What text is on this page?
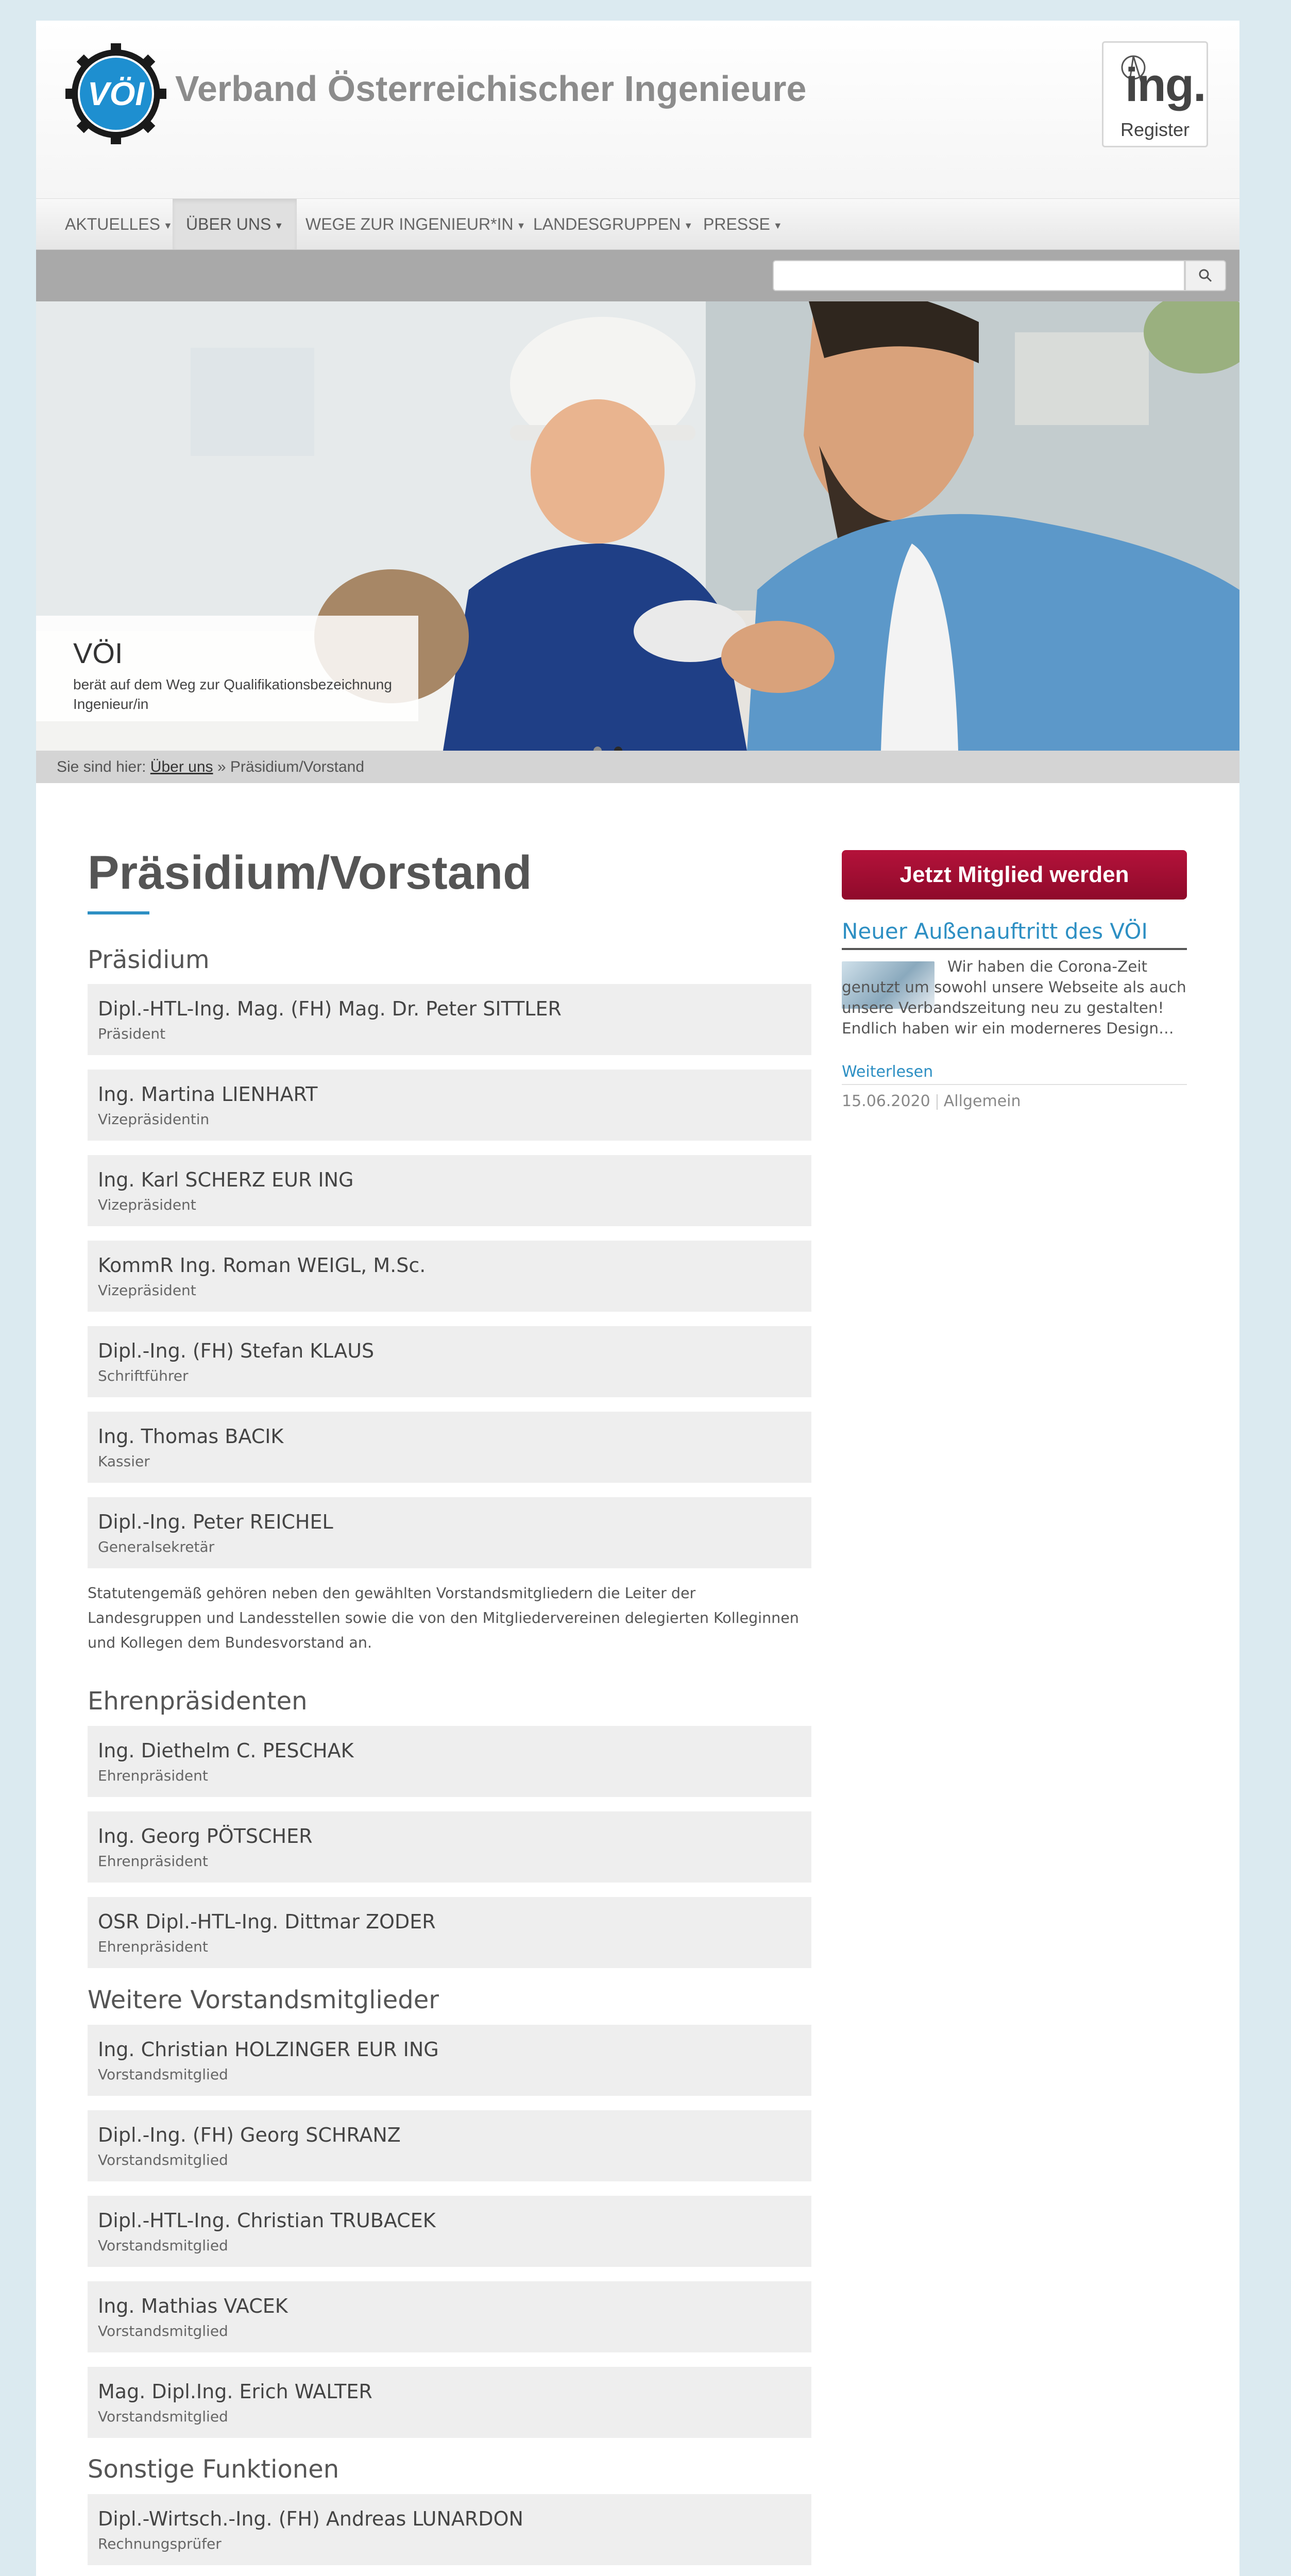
VÖI Verband Österreichischer Ingenieure	ing.
Register
AKTUELLES ▼ ÜBER UNS ▼	WEGE ZUR INGENIEUR*IN ▼ LANDESGRUPPEN ▼ PRESSE ▼
VÖI
berät auf dem Weg zur Qualifikationsbezeichnung Ingenieur/in
Sie sind hier: Über uns » Präsidium/Vorstand
Präsidium/Vorstand
Präsidium
Dipl.-HTL-Ing. Mag. (FH) Mag. Dr. Peter SITTLER
Präsident
Ing. Martina LIENHART
Vizepräsidentin
Ing. Karl SCHERZ EUR ING
Vizepräsident
KommR Ing. Roman WEIGL, M.Sc.
Vizepräsident
Dipl.-Ing. (FH) Stefan KLAUS
Schriftführer
Ing. Thomas BACIK
Kassier
Dipl.-Ing. Peter REICHEL
Generalsekretär
Statutengemäß gehören neben den gewählten Vorstandsmitgliedern die Leiter der Landesgruppen und Landesstellen sowie die von den Mitgliedervereinen delegierten Kolleginnen und Kollegen dem Bundesvorstand an.
Ehrenpräsidenten
Ing. Diethelm C. PESCHAK
Ehrenpräsident
Ing. Georg PÖTSCHER
Ehrenpräsident
OSR Dipl.-HTL-Ing. Dittmar ZODER
Ehrenpräsident
Weitere Vorstandsmitglieder
Ing. Christian HOLZINGER EUR ING
Vorstandsmitglied
Dipl.-Ing. (FH) Georg SCHRANZ
Vorstandsmitglied
Dipl.-HTL-Ing. Christian TRUBACEK
Vorstandsmitglied
Ing. Mathias VACEK
Vorstandsmitglied
Mag. Dipl.Ing. Erich WALTER
Vorstandsmitglied
Sonstige Funktionen
Dipl.-Wirtsch.-Ing. (FH) Andreas LUNARDON
Rechnungsprüfer
Jetzt Mitglied werden
Neuer Außenauftritt des VÖI
Wir haben die Corona-Zeit genutzt um sowohl unsere Webseite als auch unsere Verbandszeitung neu zu gestalten! Endlich haben wir ein moderneres Design…
Weiterlesen
15.06.2020 Allgemein
